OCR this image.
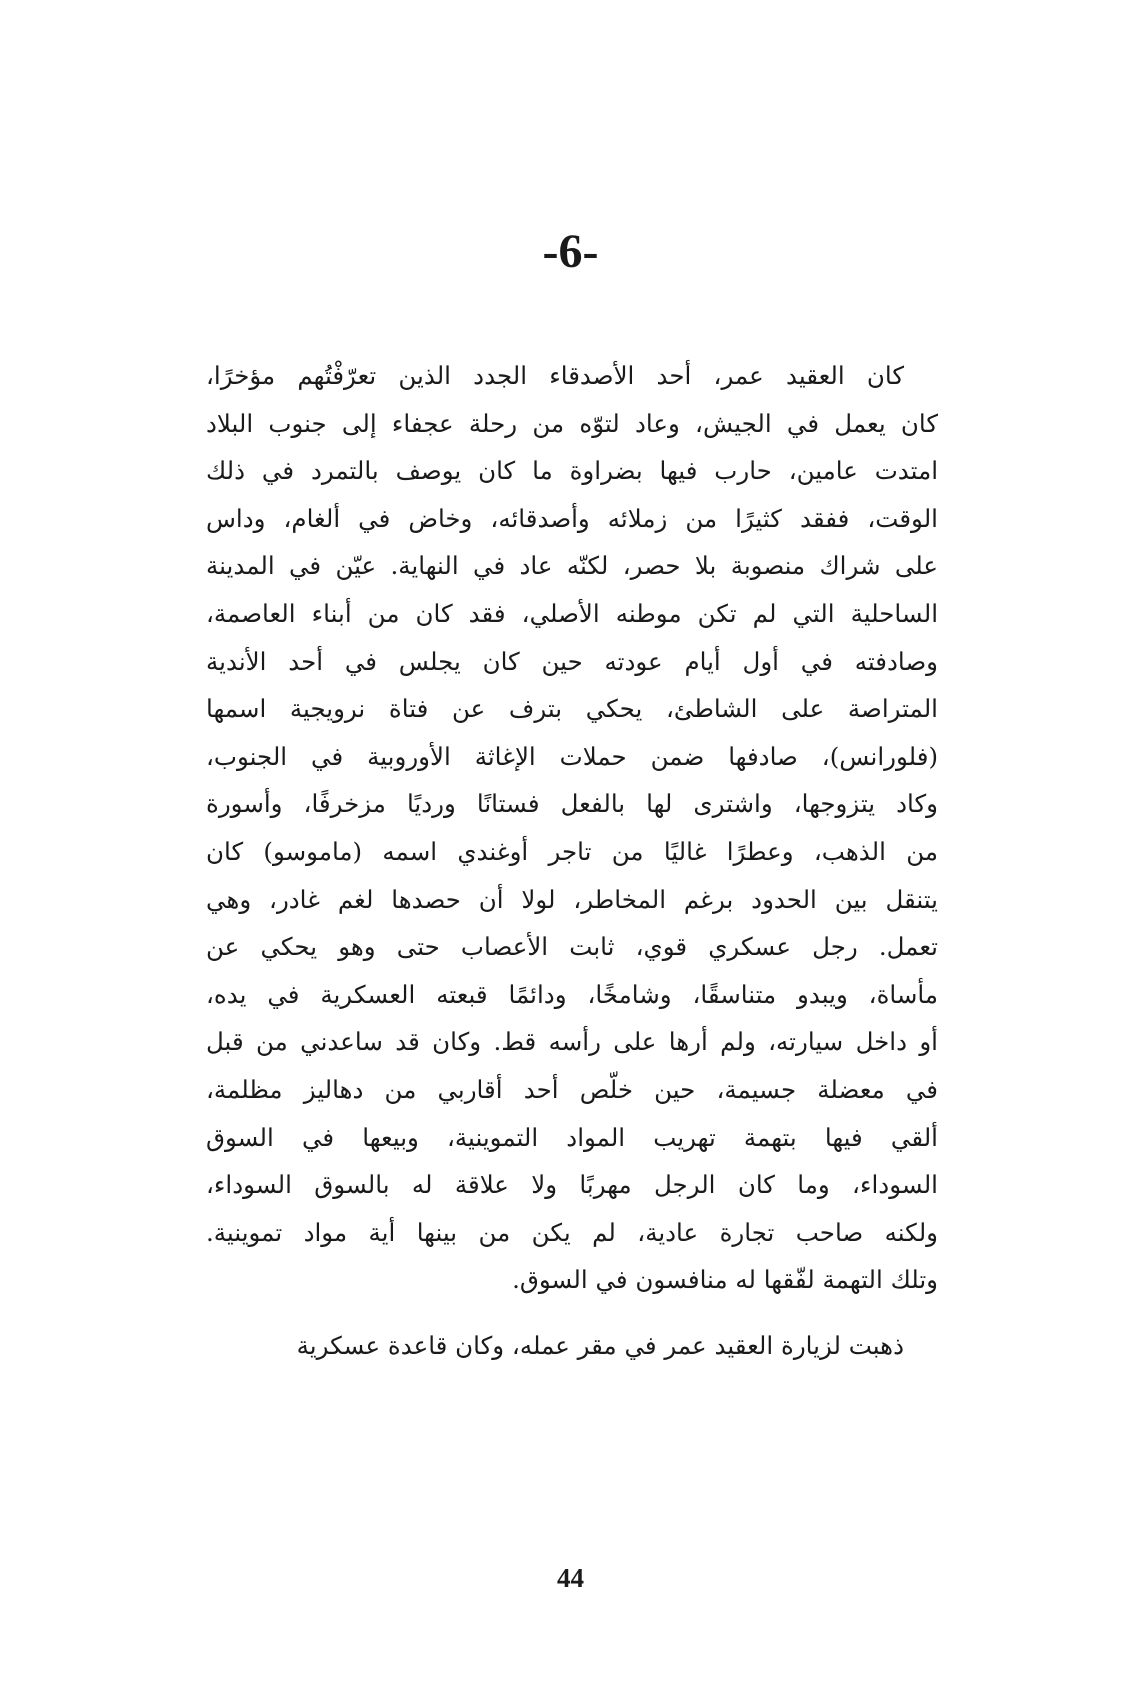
-6-
كان العقيد عمر، أحد الأصدقاء الجدد الذين تعرّفْتُهم مؤخرًا،
كان يعمل في الجيش، وعاد لتوّه من رحلة عجفاء إلى جنوب البلاد
امتدت عامين، حارب فيها بضراوة ما كان يوصف بالتمرد في ذلك
الوقت، ففقد كثيرًا من زملائه وأصدقائه، وخاض في ألغام، وداس
على شراك منصوبة بلا حصر، لكنّه عاد في النهاية. عيّن في المدينة
الساحلية التي لم تكن موطنه الأصلي، فقد كان من أبناء العاصمة،
وصادفته في أول أيام عودته حين كان يجلس في أحد الأندية
المتراصة على الشاطئ، يحكي بترف عن فتاة نرويجية اسمها
(فلورانس)، صادفها ضمن حملات الإغاثة الأوروبية في الجنوب،
وكاد يتزوجها، واشترى لها بالفعل فستانًا ورديًا مزخرفًا، وأسورة
من الذهب، وعطرًا غاليًا من تاجر أوغندي اسمه (ماموسو) كان
يتنقل بين الحدود برغم المخاطر، لولا أن حصدها لغم غادر، وهي
تعمل. رجل عسكري قوي، ثابت الأعصاب حتى وهو يحكي عن
مأساة، ويبدو متناسقًا، وشامخًا، ودائمًا قبعته العسكرية في يده،
أو داخل سيارته، ولم أرها على رأسه قط. وكان قد ساعدني من قبل
في معضلة جسيمة، حين خلّص أحد أقاربي من دهاليز مظلمة،
ألقي فيها بتهمة تهريب المواد التموينية، وبيعها في السوق
السوداء، وما كان الرجل مهربًا ولا علاقة له بالسوق السوداء،
ولكنه صاحب تجارة عادية، لم يكن من بينها أية مواد تموينية.
وتلك التهمة لفّقها له منافسون في السوق.
ذهبت لزيارة العقيد عمر في مقر عمله، وكان قاعدة عسكرية
44
